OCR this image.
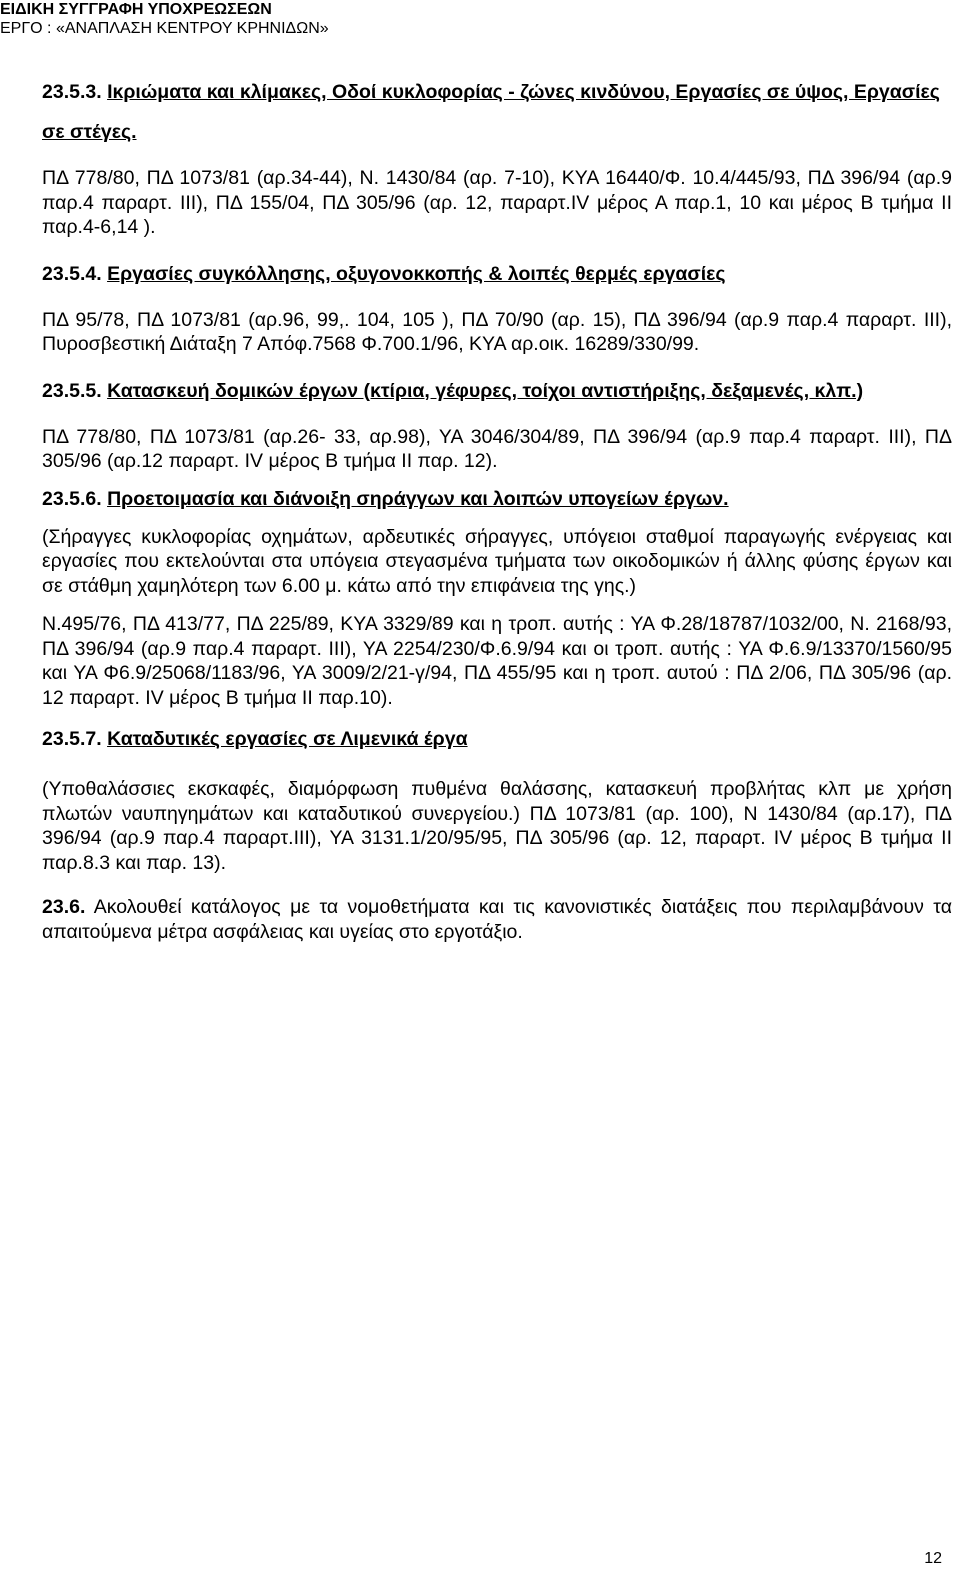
ΕΙΔΙΚΗ ΣΥΓΓΡΑΦΗ ΥΠΟΧΡΕΩΣΕΩΝ
ΕΡΓΟ : «ΑΝΑΠΛΑΣΗ ΚΕΝΤΡΟΥ ΚΡΗΝΙΔΩΝ»

23.5.3. Ικριώματα και κλίμακες, Οδοί κυκλοφορίας - ζώνες κινδύνου, Εργασίες σε ύψος, Εργασίες σε στέγες.

ΠΔ 778/80, ΠΔ 1073/81 (αρ.34-44), Ν. 1430/84 (αρ. 7-10), ΚΥΑ 16440/Φ. 10.4/445/93, ΠΔ 396/94 (αρ.9 παρ.4 παραρτ. ΙΙΙ), ΠΔ 155/04, ΠΔ 305/96 (αρ. 12, παραρτ.IV μέρος Α παρ.1, 10 και μέρος Β τμήμα ΙΙ παρ.4-6,14 ).

23.5.4. Εργασίες συγκόλλησης, οξυγονοκκοπής & λοιπές θερμές εργασίες

ΠΔ 95/78, ΠΔ 1073/81 (αρ.96, 99,. 104, 105 ), ΠΔ 70/90 (αρ. 15), ΠΔ 396/94 (αρ.9 παρ.4 παραρτ. ΙΙΙ), Πυροσβεστική Διάταξη 7 Απόφ.7568 Φ.700.1/96, ΚΥΑ αρ.οικ. 16289/330/99.

23.5.5. Κατασκευή δομικών έργων (κτίρια, γέφυρες, τοίχοι αντιστήριξης, δεξαμενές, κλπ.)

ΠΔ 778/80, ΠΔ 1073/81 (αρ.26- 33, αρ.98), ΥΑ 3046/304/89, ΠΔ 396/94 (αρ.9 παρ.4 παραρτ. ΙΙΙ), ΠΔ 305/96 (αρ.12 παραρτ. IV μέρος Β τμήμα ΙΙ παρ. 12).

23.5.6. Προετοιμασία και διάνοιξη σηράγγων και λοιπών υπογείων έργων.

(Σήραγγες κυκλοφορίας οχημάτων, αρδευτικές σήραγγες, υπόγειοι σταθμοί παραγωγής ενέργειας και εργασίες που εκτελούνται στα υπόγεια στεγασμένα τμήματα των οικοδομικών ή άλλης φύσης έργων και σε στάθμη χαμηλότερη των 6.00 μ. κάτω από την επιφάνεια της γης.)

Ν.495/76, ΠΔ 413/77, ΠΔ 225/89, ΚΥΑ 3329/89 και η τροπ. αυτής : ΥΑ Φ.28/18787/1032/00, Ν. 2168/93, ΠΔ 396/94 (αρ.9 παρ.4 παραρτ. ΙΙΙ), ΥΑ 2254/230/Φ.6.9/94 και οι τροπ. αυτής : ΥΑ Φ.6.9/13370/1560/95 και ΥΑ Φ6.9/25068/1183/96, ΥΑ 3009/2/21-γ/94, ΠΔ 455/95 και η τροπ. αυτού : ΠΔ 2/06, ΠΔ 305/96 (αρ. 12 παραρτ. IV μέρος Β τμήμα ΙΙ παρ.10).

23.5.7. Καταδυτικές εργασίες σε Λιμενικά έργα

(Υποθαλάσσιες εκσκαφές, διαμόρφωση πυθμένα θαλάσσης, κατασκευή προβλήτας κλπ με χρήση πλωτών ναυπηγημάτων και καταδυτικού συνεργείου.) ΠΔ 1073/81 (αρ. 100), Ν 1430/84 (αρ.17), ΠΔ 396/94 (αρ.9 παρ.4 παραρτ.ΙΙΙ), ΥΑ 3131.1/20/95/95, ΠΔ 305/96 (αρ. 12, παραρτ. IV μέρος Β τμήμα ΙΙ παρ.8.3 και παρ. 13).

23.6. Ακολουθεί κατάλογος με τα νομοθετήματα και τις κανονιστικές διατάξεις που περιλαμβάνουν τα απαιτούμενα μέτρα ασφάλειας και υγείας στο εργοτάξιο.

12
